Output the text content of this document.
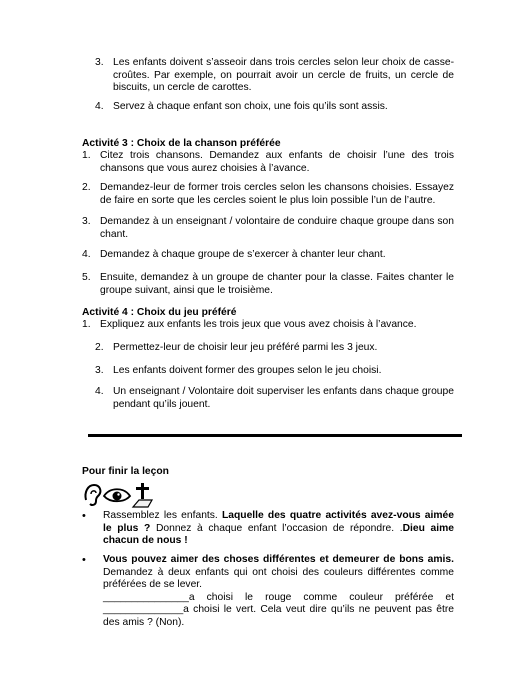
3. Les enfants doivent s’asseoir dans trois cercles selon leur choix de casse-croûtes. Par exemple, on pourrait avoir un cercle de fruits, un cercle de biscuits, un cercle de carottes.
4. Servez à chaque enfant son choix, une fois qu’ils sont assis.
Activité 3 : Choix de la chanson préférée
1. Citez trois chansons. Demandez aux enfants de choisir l’une des trois chansons que vous aurez choisies à l’avance.
2. Demandez-leur de former trois cercles selon les chansons choisies. Essayez de faire en sorte que les cercles soient le plus loin possible l’un de l’autre.
3. Demandez à un enseignant / volontaire de conduire chaque groupe dans son chant.
4. Demandez à chaque groupe de s’exercer à chanter leur chant.
5. Ensuite, demandez à un groupe de chanter pour la classe. Faites chanter le groupe suivant, ainsi que le troisième.
Activité 4 : Choix du jeu préféré
1. Expliquez aux enfants les trois jeux que vous avez choisis à l’avance.
2. Permettez-leur de choisir leur jeu préféré parmi les 3 jeux.
3. Les enfants doivent former des groupes selon le jeu choisi.
4. Un enseignant / Volontaire doit superviser les enfants dans chaque groupe pendant qu’ils jouent.
Pour finir la leçon
• Rassemblez les enfants. Laquelle des quatre activités avez-vous aimée le plus ? Donnez à chaque enfant l’occasion de répondre. .Dieu aime chacun de nous !
• Vous pouvez aimer des choses différentes et demeurer de bons amis. Demandez à deux enfants qui ont choisi des couleurs différentes comme préférées de se lever.
_______________a choisi le rouge comme couleur préférée et ______________a choisi le vert. Cela veut dire qu’ils ne peuvent pas être des amis ? (Non).
